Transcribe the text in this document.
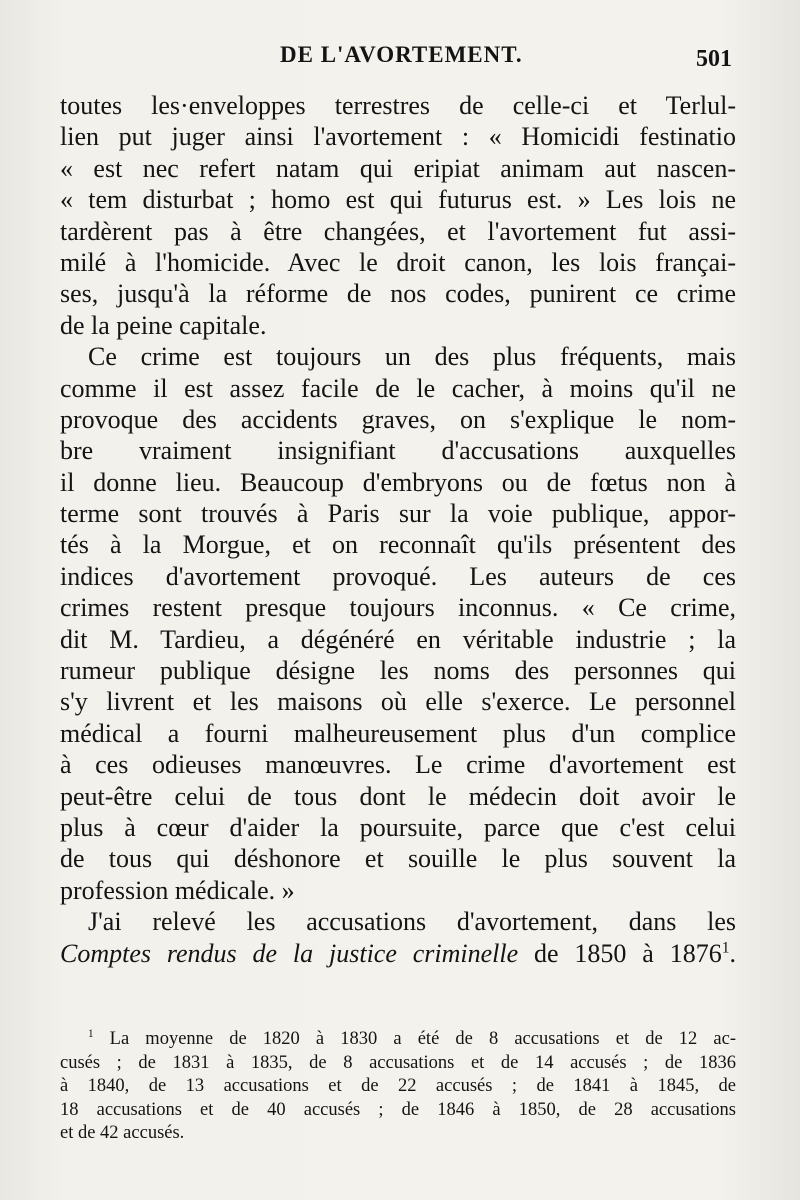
DE L'AVORTEMENT.	501
toutes les·enveloppes terrestres de celle-ci et Terlul-
lien put juger ainsi l'avortement : « Homicidi festinatio
« est nec refert natam qui eripiat animam aut nascen-
« tem disturbat ; homo est qui futurus est. » Les lois ne
tardèrent pas à être changées, et l'avortement fut assi-
milé à l'homicide. Avec le droit canon, les lois françai-
ses, jusqu'à la réforme de nos codes, punirent ce crime
de la peine capitale.
Ce crime est toujours un des plus fréquents, mais
comme il est assez facile de le cacher, à moins qu'il ne
provoque des accidents graves, on s'explique le nom-
bre vraiment insignifiant d'accusations auxquelles
il donne lieu. Beaucoup d'embryons ou de fœtus non à
terme sont trouvés à Paris sur la voie publique, appor-
tés à la Morgue, et on reconnaît qu'ils présentent des
indices d'avortement provoqué. Les auteurs de ces
crimes restent presque toujours inconnus. « Ce crime,
dit M. Tardieu, a dégénéré en véritable industrie ; la
rumeur publique désigne les noms des personnes qui
s'y livrent et les maisons où elle s'exerce. Le personnel
médical a fourni malheureusement plus d'un complice
à ces odieuses manœuvres. Le crime d'avortement est
peut-être celui de tous dont le médecin doit avoir le
plus à cœur d'aider la poursuite, parce que c'est celui
de tous qui déshonore et souille le plus souvent la
profession médicale. »
J'ai relevé les accusations d'avortement, dans les
Comptes rendus de la justice criminelle de 1850 à 1876$^1$.
$^1$ La moyenne de 1820 à 1830 a été de 8 accusations et de 12 ac-
cusés ; de 1831 à 1835, de 8 accusations et de 14 accusés ; de 1836
à 1840, de 13 accusations et de 22 accusés ; de 1841 à 1845, de
18 accusations et de 40 accusés ; de 1846 à 1850, de 28 accusations
et de 42 accusés.
